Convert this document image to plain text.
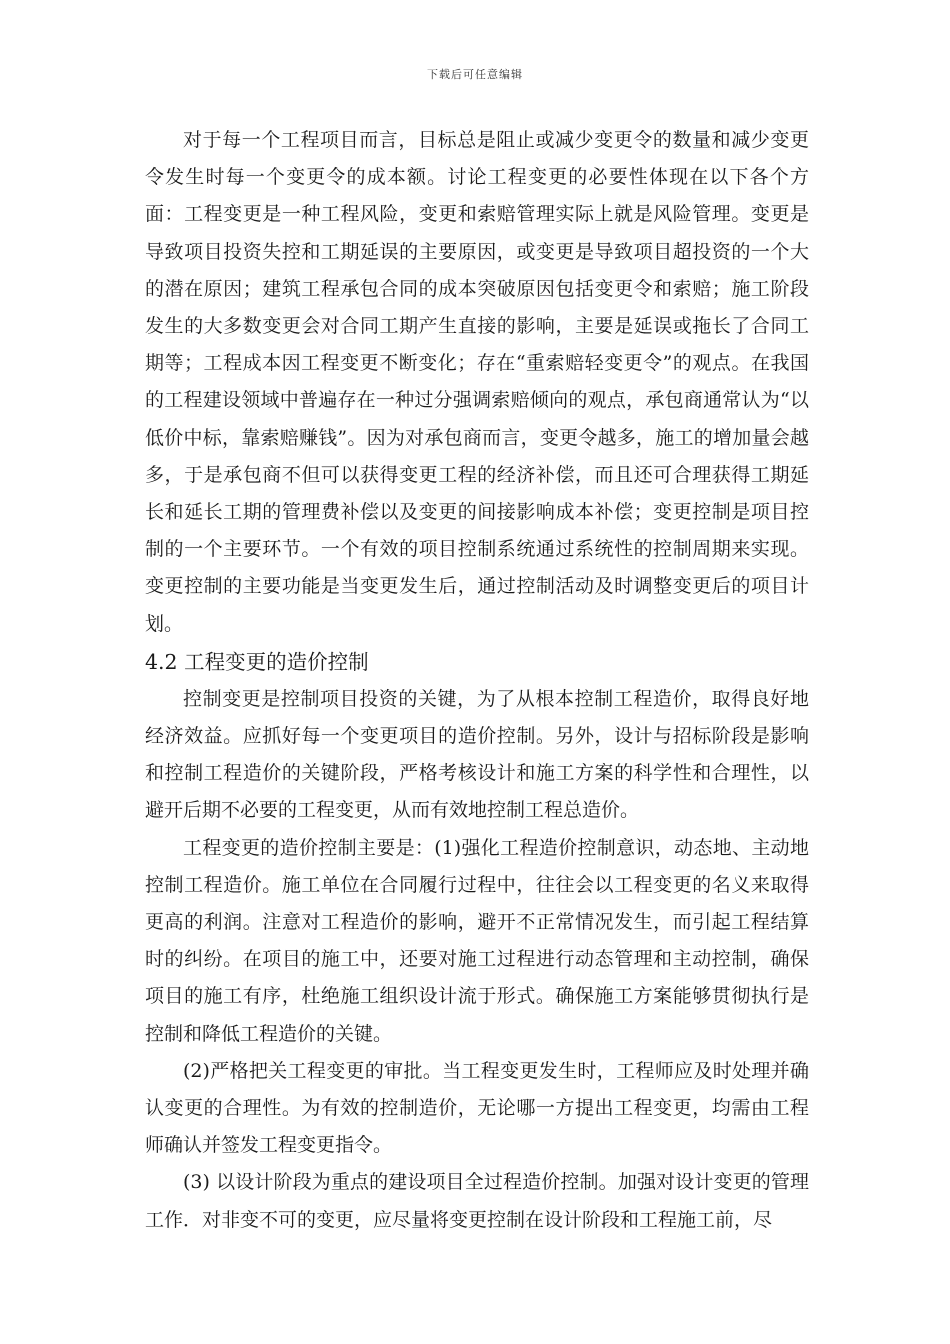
下载后可任意编辑

对于每一个工程项目而言，目标总是阻止或减少变更令的数量和减少变更令发生时每一个变更令的成本额。讨论工程变更的必要性体现在以下各个方面：工程变更是一种工程风险，变更和索赔管理实际上就是风险管理。变更是导致项目投资失控和工期延误的主要原因，或变更是导致项目超投资的一个大的潜在原因；建筑工程承包合同的成本突破原因包括变更令和索赔；施工阶段发生的大多数变更会对合同工期产生直接的影响，主要是延误或拖长了合同工期等；工程成本因工程变更不断变化；存在“重索赔轻变更令”的观点。在我国的工程建设领域中普遍存在一种过分强调索赔倾向的观点，承包商通常认为“以低价中标，靠索赔赚钱”。因为对承包商而言，变更令越多，施工的增加量会越多，于是承包商不但可以获得变更工程的经济补偿，而且还可合理获得工期延长和延长工期的管理费补偿以及变更的间接影响成本补偿；变更控制是项目控制的一个主要环节。一个有效的项目控制系统通过系统性的控制周期来实现。变更控制的主要功能是当变更发生后，通过控制活动及时调整变更后的项目计划。

4.2 工程变更的造价控制

控制变更是控制项目投资的关键，为了从根本控制工程造价，取得良好地经济效益。应抓好每一个变更项目的造价控制。另外，设计与招标阶段是影响和控制工程造价的关键阶段，严格考核设计和施工方案的科学性和合理性，以避开后期不必要的工程变更，从而有效地控制工程总造价。

工程变更的造价控制主要是：(1)强化工程造价控制意识，动态地、主动地控制工程造价。施工单位在合同履行过程中，往往会以工程变更的名义来取得更高的利润。注意对工程造价的影响，避开不正常情况发生，而引起工程结算时的纠纷。在项目的施工中，还要对施工过程进行动态管理和主动控制，确保项目的施工有序，杜绝施工组织设计流于形式。确保施工方案能够贯彻执行是控制和降低工程造价的关键。

(2)严格把关工程变更的审批。当工程变更发生时，工程师应及时处理并确认变更的合理性。为有效的控制造价，无论哪一方提出工程变更，均需由工程师确认并签发工程变更指令。

(3) 以设计阶段为重点的建设项目全过程造价控制。加强对设计变更的管理工作．对非变不可的变更，应尽量将变更控制在设计阶段和工程施工前，尽
